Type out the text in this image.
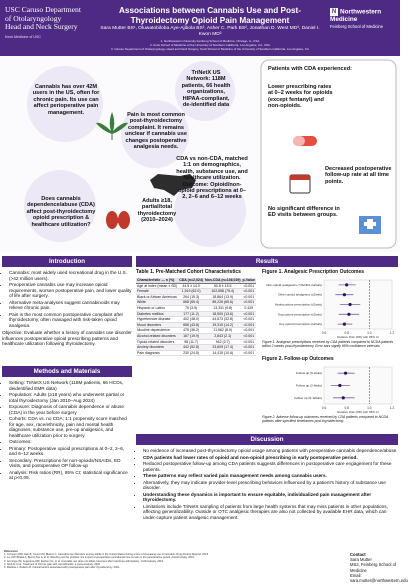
USC Caruso Department
of Otolaryngology
Head and Neck Surgery
Keck Medicine of USC
Associations between Cannabis Use and Post-Thyroidectomy Opioid Pain Management
Sara Mutter BS¹, Oluwatobiloba Aye-Ajibola BS², Asher C. Park BS², Jonathan D. West MD³, Daniel I. Kwon MD³
1. Northwestern University Feinberg School of Medicine, Chicago, IL, USA
2. Keck School of Medicine of the University of Southern California, Los Angeles, CA, USA
3. Caruso Department of Otolaryngology–Head and Neck Surgery, Keck School of Medicine of the University of Southern California, Los Angeles, CA
N Northwestern Medicine
Feinberg School of Medicine
Cannabis has over 42M users in the US, often for chronic pain. Its use can affect perioperative pain management.	Pain is most common post-thyroidectomy complaint. It remains unclear if cannabis use changes postoperative analgesia needs.
Does cannabis dependence/abuse (CDA) affect post-thyroidectomy opioid prescription & healthcare utilization?
TriNetX US Network: 118M patients, 66 health organizations, HIPAA-compliant, de-identified data
Adults ≥18, partial/total thyroidectomy (2010–2024)
CDA vs non-CDA, matched 1:1 on demographics, health, substance use, and healthcare utilization. Outcome: Opioid/non-opioid prescriptions at 0–2, 2–6 and 6–12 weeks
Patients with CDA experienced:
Lower prescribing rates at 0–2 weeks for opioids (except fentanyl) and non-opioids.
Decreased postoperative follow-up rate at all time points.
No significant difference in ED visits between groups.
Introduction
• Cannabis: most widely used recreational drug in the U.S. (>42 million users).
• Preoperative cannabis use may increase opioid requirements, worsen postoperative pain, and lower quality of life after surgery.
• Alternative meta-analyses suggest cannabinoids may relieve chronic pain.
• Pain is the most common postoperative complaint after thyroidectomy, often managed with risk-taken opioid analgesia.

Objective: Evaluate whether a history of cannabis use disorder influences postoperative opioid prescribing patterns and healthcare utilization following thyroidectomy.

Methods and Materials
• Setting: TriNetX US Network (118M patients, 66 HCOs, deidentified EMR data)
• Population: Adults (≥18 years) who underwent partial or total thyroidectomy (Jan 2010–Aug 2024)
• Exposure: Diagnosis of cannabis dependence or abuse (CDA) in the year before surgery
• Cohorts: CDA vs. no CDA; 1:1 propensity score matched for age, sex, race/ethnicity, pain and mental health diagnoses, substance use, pre-op analgesics, and healthcare utilization prior to surgery
• Outcomes:
• Primary: Postoperative opioid prescriptions at 0–2, 2–6, and 6–12 weeks.
• Secondary: Prescriptions for non-opioids/NSAIDs, ED Visits, and postoperative OP follow-up
• Analysis: Risk ratios (RR), 95% CI; statistical significance at p<0.05.
Results
Table 1. Pre-Matched Cohort Characteristics
Characteristic — n (%)	CDA (n=2,024)	Non-CDA (n=136,029)	p-Value
Age at index (mean ± SD)	44.5 ± 14.0	50.8 ± 15.5	<0.001
Female	1,519 (62.0)	102,658 (75.4)	<0.001
Black or African American	264 (15.3)	18,864 (13.9)	<0.001
White	668 (65.4)	89,226 (65.6)	<0.001
Hispanic or Latino	75 (3.9)	13,331 (9.8)	0.429
Diabetes mellitus	177 (11.2)	18,500 (13.6)	<0.001
Hypertensive disease	402 (48.0)	44,673 (32.8)	<0.001
Mood disorders	658 (43.8)	19,315 (14.2)	<0.001
Nicotine dependence	478 (36.2)	11,962 (8.9)	<0.001
Alcohol-related disorders	167 (19.9)	2,843 (2.1)	<0.001
Opioid-related disorders	98 (11.7)	942 (0.7)	<0.001
Anxiety disorders	442 (52.8)	23,609 (17.4)	<0.001
Pain diagnosis	230 (24.5)	14,415 (10.6)	<0.001
Figure 1. Analgesic Prescription Outcomes
0.6	0.8	1.0	1.2
Relative Risk (RR) with 95% CI
Non-opioid analgesics / NSAIDs (≤2wks)
Other opioid analgesics (≤2wks)
Hydrocodone prescription (≤2wks)
Oxycodone prescription (≤2wks)
Any opioid prescription (≤2wks)
Figure 1. Analgesic prescriptions received by CDA patients compared to NCDA patients within 2 weeks post-thyroidectomy. Error bars signify 95% confidence intervals.
Figure 2. Follow-up Outcomes
0.6	0.8	1.0	1.2
Relative Risk (RR) with 95% CI
Follow up (0-2wks)
Follow up (2-6wks)
Follow up (6-12wks)
Figure 2. Adverse follow-up outcomes received by CDA patients compared to NCDA patients after specified timeframes post-thyroidectomy.
Discussion
• No evidence of increased post-thyroidectomy opioid usage among patients with preoperative cannabis dependence/abuse.
• CDA patients had lower rates of opioid and non-opioid prescribing in early postoperative period.
• Reduced postoperative follow-up among CDA patients suggests differences in postoperative care engagement for these patients.
• These patterns may reflect varied pain management needs among cannabis users.
• Alternatively, they may indicate provider-level prescribing behaviors influenced by a patient's history of substance use disorder.
• Understanding these dynamics is important to ensure equitable, individualized pain management after thyroidectomy.
• Limitations include TriNetX sampling of patients from large health systems that may miss patients in other populations, affecting generalizability. Outside or OTC analgesic therapies are also not collected by available EHR data, which can under-capture patient analgesic management.
References
1. Compton WM, Han B, Jones CM, Blanco C. Cannabis use disorders among adults in the United States during a time of increasing use of cannabis. Drug Alcohol Depend. 2019.
2. Liu CW, Bhatia A, Buzon-Tan A, et al. Weeding out the problem: the impact of preoperative cannabinoid use on pain in the perioperative period. Anesth Analg. 2019.
3. Jennings JM, Angerame MR, Eschen CL, et al. Cannabis use does not affect outcomes after total knee arthroplasty. J Arthroplasty. 2019.
4. Stoll AL et al. Treatment of chronic pain with cannabinoids: a meta-analysis. 2020.
5. Mathias J, Roberts B. Clinical factors associated with postoperative pain after thyroidectomy. 2021.
Contact
Sara Mutter
MS3, Feinberg School of Medicine
Email: sara.mutter@northwestern.edu
